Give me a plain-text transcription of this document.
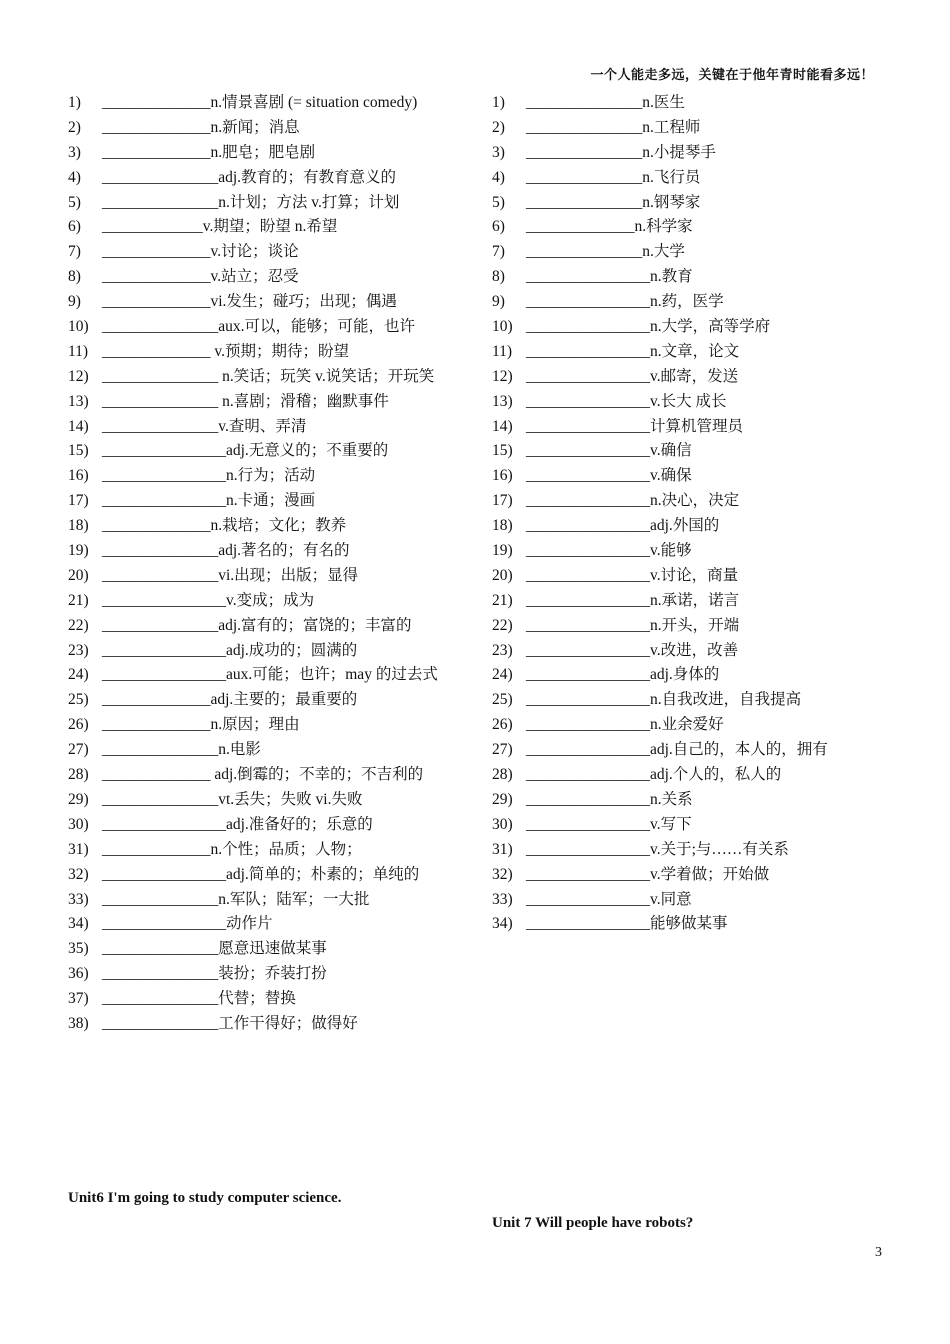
一个人能走多远，关键在于他年青时能看多远！
1)	______________ n.情景喜剧 (= situation comedy)
2)	______________ n.新闻；消息
3)	______________ n.肥皂；肥皂剧
4)	_______________ adj.教育的；有教育意义的
5)	_______________ n.计划；方法 v.打算；计划
6)	_____________ v.期望；盼望 n.希望
7)	______________ v.讨论；谈论
8)	______________ v.站立；忍受
9)	______________ vi.发生；碰巧；出现；偶遇
10) _______________ aux.可以，能够；可能，也许
11) ______________ v.预期；期待；盼望
12) _______________ n.笑话；玩笑 v.说笑话；开玩笑
13) _______________ n.喜剧；滑稽；幽默事件
14) _______________ v.查明、弄清
15) ________________ adj.无意义的；不重要的
16) ________________ n.行为；活动
17) ________________ n.卡通；漫画
18) ______________ n.栽培；文化；教养
19) _______________ adj.著名的；有名的
20) _______________ vi.出现；出版；显得
21) ________________ v.变成；成为
22) _______________ adj.富有的；富饶的；丰富的
23) ________________ adj.成功的；圆满的
24) ________________ aux.可能；也许；may 的过去式
25) ______________ adj.主要的；最重要的
26) ______________ n.原因；理由
27) _______________ n.电影
28) ______________ adj.倒霉的；不幸的；不吉利的
29) _______________ vt.丢失；失败 vi.失败
30) ________________ adj.准备好的；乐意的
31) ______________ n.个性；品质；人物；
32) ________________ adj.简单的；朴素的；单纯的
33) _______________ n.军队；陆军；一大批
34) ________________ 动作片
35) _______________ 愿意迅速做某事
36) _______________ 装扮；乔装打扮
37) _______________ 代替；替换
38) _______________ 工作干得好；做得好
1)	_______________ n.医生
2)	_______________ n.工程师
3)	_______________ n.小提琴手
4)	_______________ n.飞行员
5)	_______________ n.钢琴家
6)	______________ n.科学家
7)	_______________ n.大学
8)	________________ n.教育
9)	________________ n.药，医学
10) ________________ n.大学，高等学府
11) ________________ n.文章，论文
12) ________________ v.邮寄，发送
13) ________________ v.长大 成长
14) ________________ 计算机管理员
15) ________________ v.确信
16) ________________ v.确保
17) ________________ n.决心，决定
18) ________________ adj.外国的
19) ________________ v.能够
20) ________________ v.讨论，商量
21) ________________ n.承诺，诺言
22) ________________ n.开头，开端
23) ________________ v.改进，改善
24) ________________ adj.身体的
25) ________________ n.自我改进，自我提高
26) ________________ n.业余爱好
27) ________________ adj.自己的，本人的，拥有
28) ________________ adj.个人的，私人的
29) ________________ n.关系
30) ________________ v.写下
31) ________________ v.关于;与……有关系
32) ________________ v.学着做；开始做
33) ________________ v.同意
34) ________________ 能够做某事
Unit6 I'm going to study computer science.
Unit 7 Will people have robots?
3
